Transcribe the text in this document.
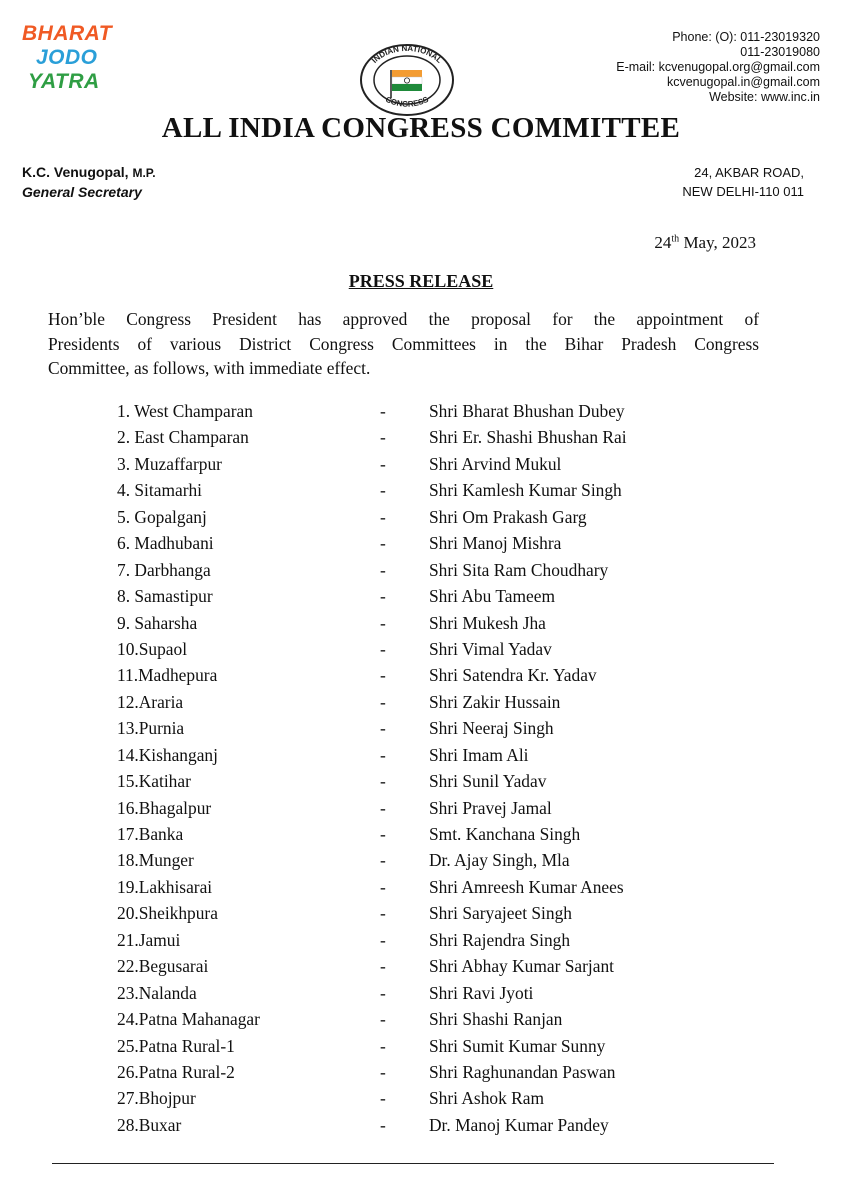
BHARAT
JODO
YATRA
INDIAN NATIONAL
CONGRESS
Phone: (O): 011-23019320
011-23019080
E-mail: kcvenugopal.org@gmail.com
kcvenugopal.in@gmail.com
Website: www.inc.in
ALL INDIA CONGRESS COMMITTEE
K.C. Venugopal, M.P.
General Secretary
24, AKBAR ROAD,
NEW DELHI-110 011
24th May, 2023
PRESS RELEASE
Hon’ble Congress President has approved the proposal for the appointment of
Presidents of various District Congress Committees in the Bihar Pradesh Congress
Committee, as follows, with immediate effect.
1. West Champaran	- Shri Bharat Bhushan Dubey
2. East Champaran	- Shri Er. Shashi Bhushan Rai
3. Muzaffarpur	- Shri Arvind Mukul
4. Sitamarhi	- Shri Kamlesh Kumar Singh
5. Gopalganj	- Shri Om Prakash Garg
6. Madhubani	- Shri Manoj Mishra
7. Darbhanga	- Shri Sita Ram Choudhary
8. Samastipur	- Shri Abu Tameem
9. Saharsha	- Shri Mukesh Jha
10.Supaol	- Shri Vimal Yadav
11.Madhepura	- Shri Satendra Kr. Yadav
12.Araria	- Shri Zakir Hussain
13.Purnia	- Shri Neeraj Singh
14.Kishanganj	- Shri Imam Ali
15.Katihar	- Shri Sunil Yadav
16.Bhagalpur	- Shri Pravej Jamal
17.Banka	- Smt. Kanchana Singh
18.Munger	- Dr. Ajay Singh, Mla
19.Lakhisarai	- Shri Amreesh Kumar Anees
20.Sheikhpura	- Shri Saryajeet Singh
21.Jamui	- Shri Rajendra Singh
22.Begusarai	- Shri Abhay Kumar Sarjant
23.Nalanda	- Shri Ravi Jyoti
24.Patna Mahanagar	- Shri Shashi Ranjan
25.Patna Rural-1	- Shri Sumit Kumar Sunny
26.Patna Rural-2	- Shri Raghunandan Paswan
27.Bhojpur	- Shri Ashok Ram
28.Buxar	- Dr. Manoj Kumar Pandey
